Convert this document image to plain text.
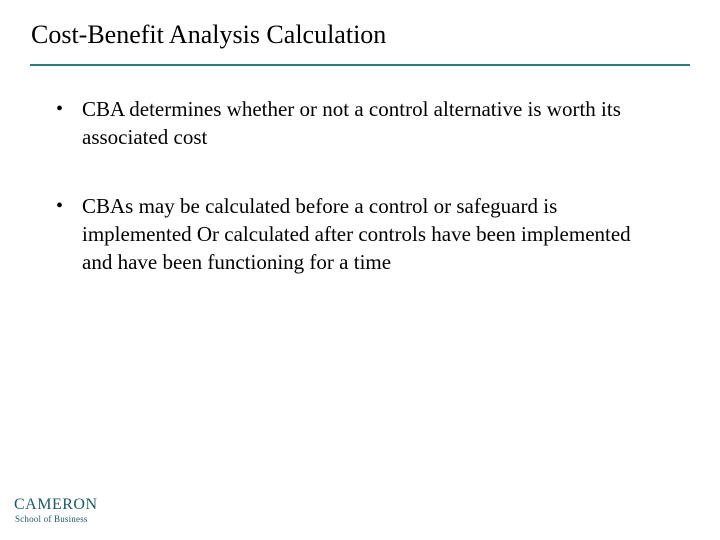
Cost-Benefit Analysis Calculation
• CBA determines whether or not a control alternative is worth its associated cost
• CBAs may be calculated before a control or safeguard is implemented Or calculated after controls have been implemented and have been functioning for a time
CAMERON
School of Business
